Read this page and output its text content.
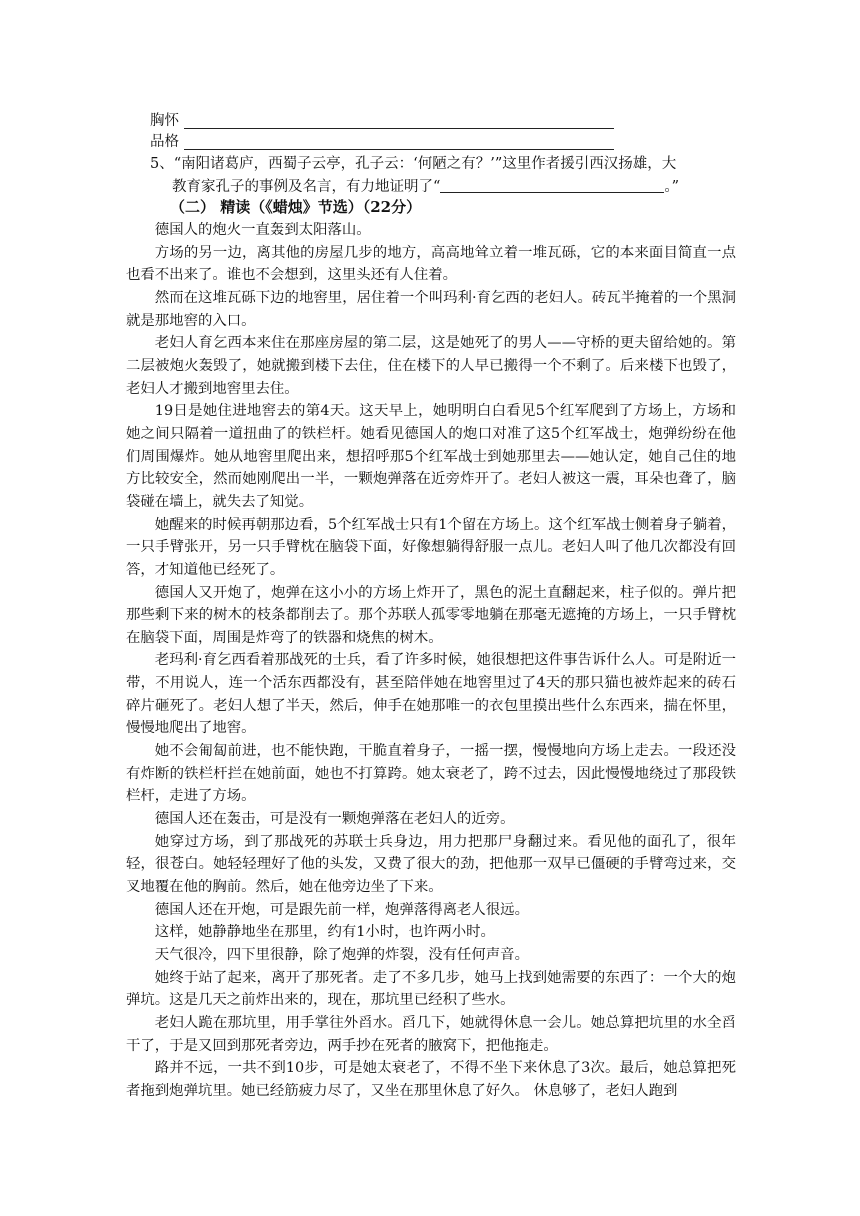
胸怀
品格
5、“南阳诸葛庐，西蜀子云亭，孔子云：‘何陋之有？’”这里作者援引西汉扬雄，大
教育家孔子的事例及名言，有力地证明了“	。”
（二） 精读（《蜡烛》节选）（22分）

德国人的炮火一直轰到太阳落山。

方场的另一边，离其他的房屋几步的地方，高高地耸立着一堆瓦砾，它的本来面目简直一点也看不出来了。谁也不会想到，这里头还有人住着。

然而在这堆瓦砾下边的地窖里，居住着一个叫玛利·育乞西的老妇人。砖瓦半掩着的一个黑洞就是那地窖的入口。

老妇人育乞西本来住在那座房屋的第二层，这是她死了的男人——守桥的更夫留给她的。第二层被炮火轰毁了，她就搬到楼下去住，住在楼下的人早已搬得一个不剩了。后来楼下也毁了，老妇人才搬到地窖里去住。

19日是她住进地窖去的第4天。这天早上，她明明白白看见5个红军爬到了方场上，方场和她之间只隔着一道扭曲了的铁栏杆。她看见德国人的炮口对准了这5个红军战士，炮弹纷纷在他们周围爆炸。她从地窖里爬出来，想招呼那5个红军战士到她那里去——她认定，她自己住的地方比较安全，然而她刚爬出一半，一颗炮弹落在近旁炸开了。老妇人被这一震，耳朵也聋了，脑袋碰在墙上，就失去了知觉。

她醒来的时候再朝那边看，5个红军战士只有1个留在方场上。这个红军战士侧着身子躺着，一只手臂张开，另一只手臂枕在脑袋下面，好像想躺得舒服一点儿。老妇人叫了他几次都没有回答，才知道他已经死了。

德国人又开炮了，炮弹在这小小的方场上炸开了，黑色的泥土直翻起来，柱子似的。弹片把那些剩下来的树木的枝条都削去了。那个苏联人孤零零地躺在那毫无遮掩的方场上，一只手臂枕在脑袋下面，周围是炸弯了的铁器和烧焦的树木。

老玛利·育乞西看着那战死的士兵，看了许多时候，她很想把这件事告诉什么人。可是附近一带，不用说人，连一个活东西都没有，甚至陪伴她在地窖里过了4天的那只猫也被炸起来的砖石碎片砸死了。老妇人想了半天，然后，伸手在她那唯一的衣包里摸出些什么东西来，揣在怀里，慢慢地爬出了地窖。

她不会匍匐前进，也不能快跑，干脆直着身子，一摇一摆，慢慢地向方场上走去。一段还没有炸断的铁栏杆拦在她前面，她也不打算跨。她太衰老了，跨不过去，因此慢慢地绕过了那段铁栏杆，走进了方场。

德国人还在轰击，可是没有一颗炮弹落在老妇人的近旁。

她穿过方场，到了那战死的苏联士兵身边，用力把那尸身翻过来。看见他的面孔了，很年轻，很苍白。她轻轻理好了他的头发，又费了很大的劲，把他那一双早已僵硬的手臂弯过来，交叉地覆在他的胸前。然后，她在他旁边坐了下来。

德国人还在开炮，可是跟先前一样，炮弹落得离老人很远。

这样，她静静地坐在那里，约有1小时，也许两小时。

天气很冷，四下里很静，除了炮弹的炸裂，没有任何声音。

她终于站了起来，离开了那死者。走了不多几步，她马上找到她需要的东西了：一个大的炮弹坑。这是几天之前炸出来的，现在，那坑里已经积了些水。

老妇人跪在那坑里，用手掌往外舀水。舀几下，她就得休息一会儿。她总算把坑里的水全舀干了，于是又回到那死者旁边，两手抄在死者的腋窝下，把他拖走。

路并不远，一共不到10步，可是她太衰老了，不得不坐下来休息了3次。最后，她总算把死者拖到炮弹坑里。她已经筋疲力尽了，又坐在那里休息了好久。 休息够了，老妇人跑到
